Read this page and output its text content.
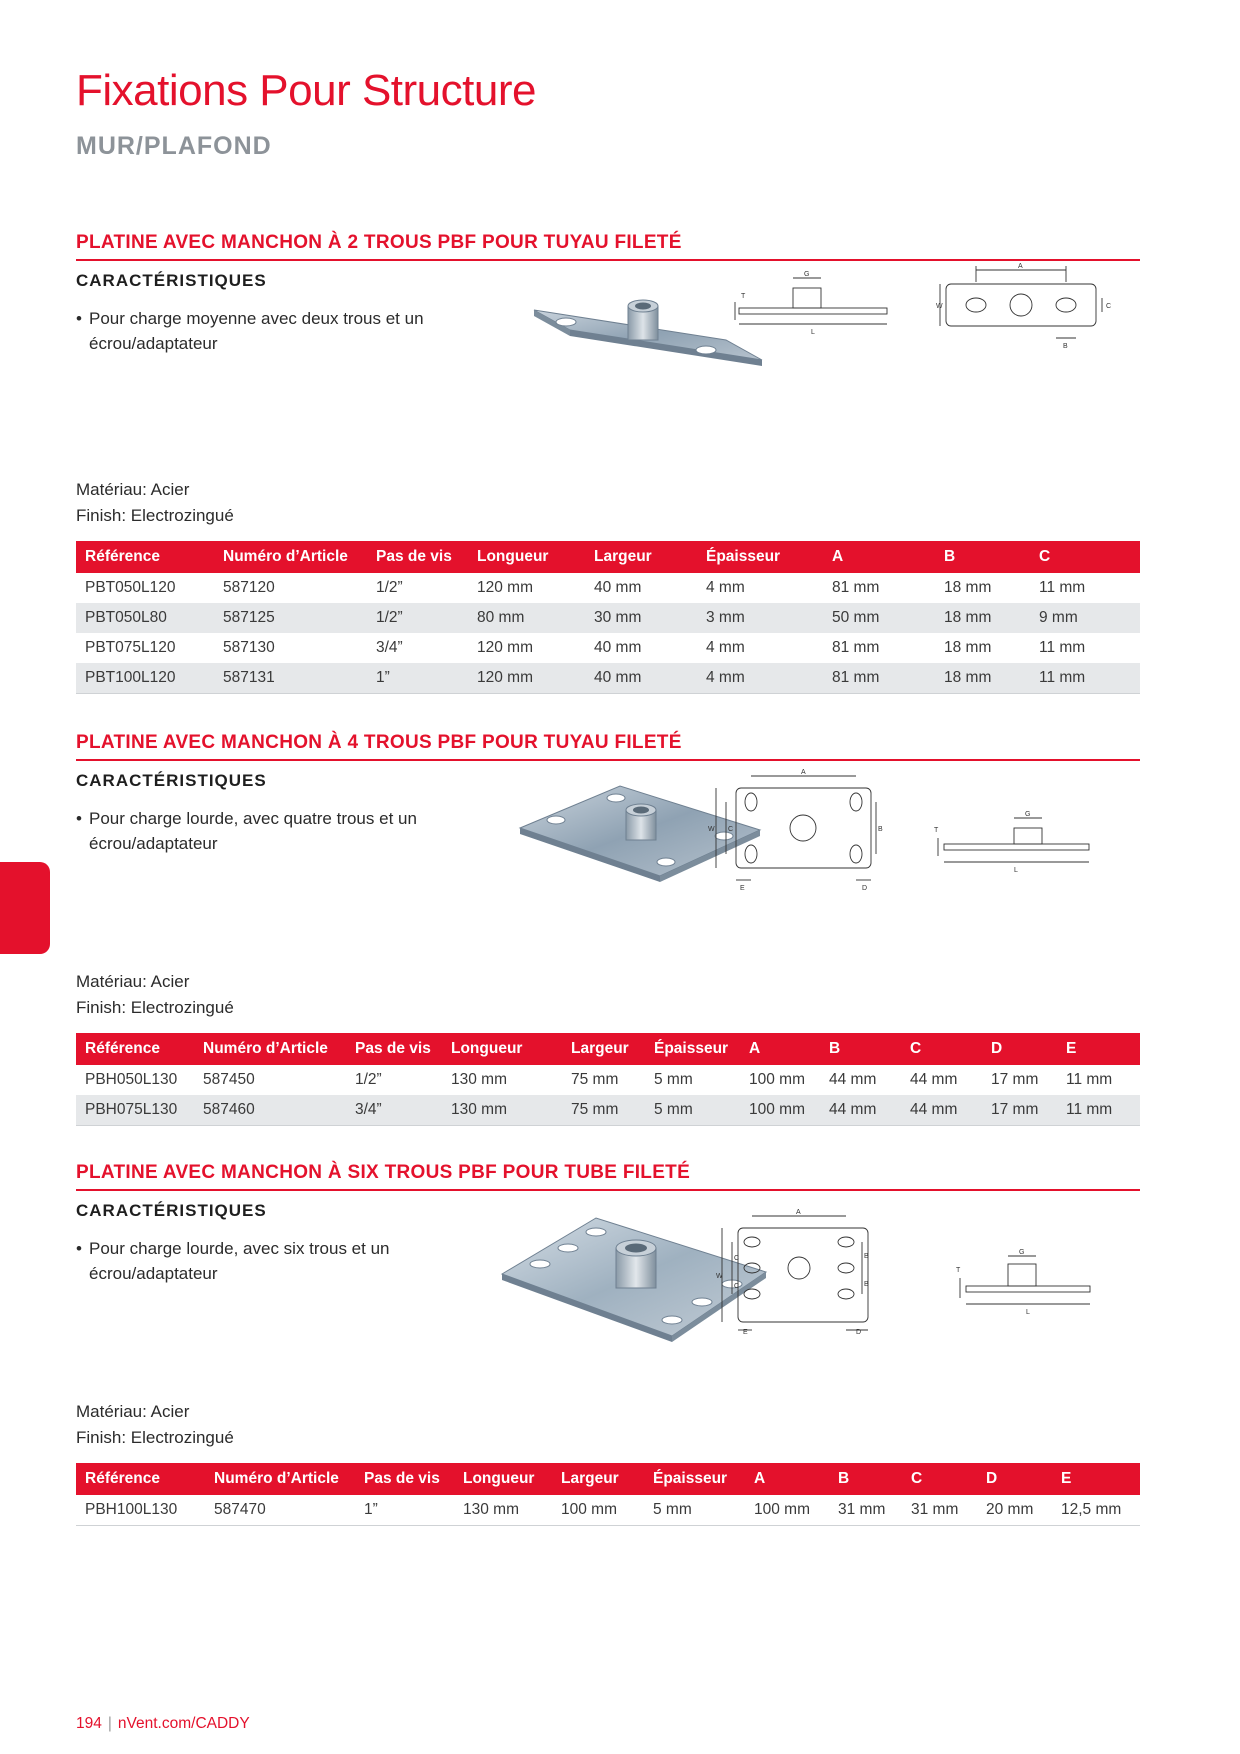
Fixations Pour Structure
MUR/PLAFOND
PLATINE AVEC MANCHON À 2 TROUS PBF POUR TUYAU FILETÉ
CARACTÉRISTIQUES
• Pour charge moyenne avec deux trous et un écrou/adaptateur
G
T
L
A
W	C
B
Matériau: Acier
Finish: Electrozingué
Référence	Numéro d’Article	Pas de vis	Longueur	Largeur	Épaisseur	A	B	C
PBT050L120	587120	1/2”	120 mm	40 mm	4 mm	81 mm	18 mm	11 mm
PBT050L80	587125	1/2”	80 mm	30 mm	3 mm	50 mm	18 mm	9 mm
PBT075L120	587130	3/4”	120 mm	40 mm	4 mm	81 mm	18 mm	11 mm
PBT100L120	587131	1”	120 mm	40 mm	4 mm	81 mm	18 mm	11 mm
PLATINE AVEC MANCHON À 4 TROUS PBF POUR TUYAU FILETÉ
CARACTÉRISTIQUES
• Pour charge lourde, avec quatre trous et un écrou/adaptateur
A
W C	B
E	D
G
T
L
Matériau: Acier
Finish: Electrozingué
Référence	Numéro d’Article	Pas de vis	Longueur	Largeur	Épaisseur	A	B	C	D	E
PBH050L130	587450	1/2”	130 mm	75 mm	5 mm	100 mm	44 mm	44 mm	17 mm	11 mm
PBH075L130	587460	3/4”	130 mm	75 mm	5 mm	100 mm	44 mm	44 mm	17 mm	11 mm
PLATINE AVEC MANCHON À SIX TROUS PBF POUR TUBE FILETÉ
CARACTÉRISTIQUES
• Pour charge lourde, avec six trous et un écrou/adaptateur
A
W
C
C
B
B
E	D
G
T
L
Matériau: Acier
Finish: Electrozingué
Référence	Numéro d’Article	Pas de vis	Longueur	Largeur	Épaisseur	A	B	C	D	E
PBH100L130	587470	1”	130 mm	100 mm	5 mm	100 mm	31 mm	31 mm	20 mm	12,5 mm
194 | nVent.com/CADDY
